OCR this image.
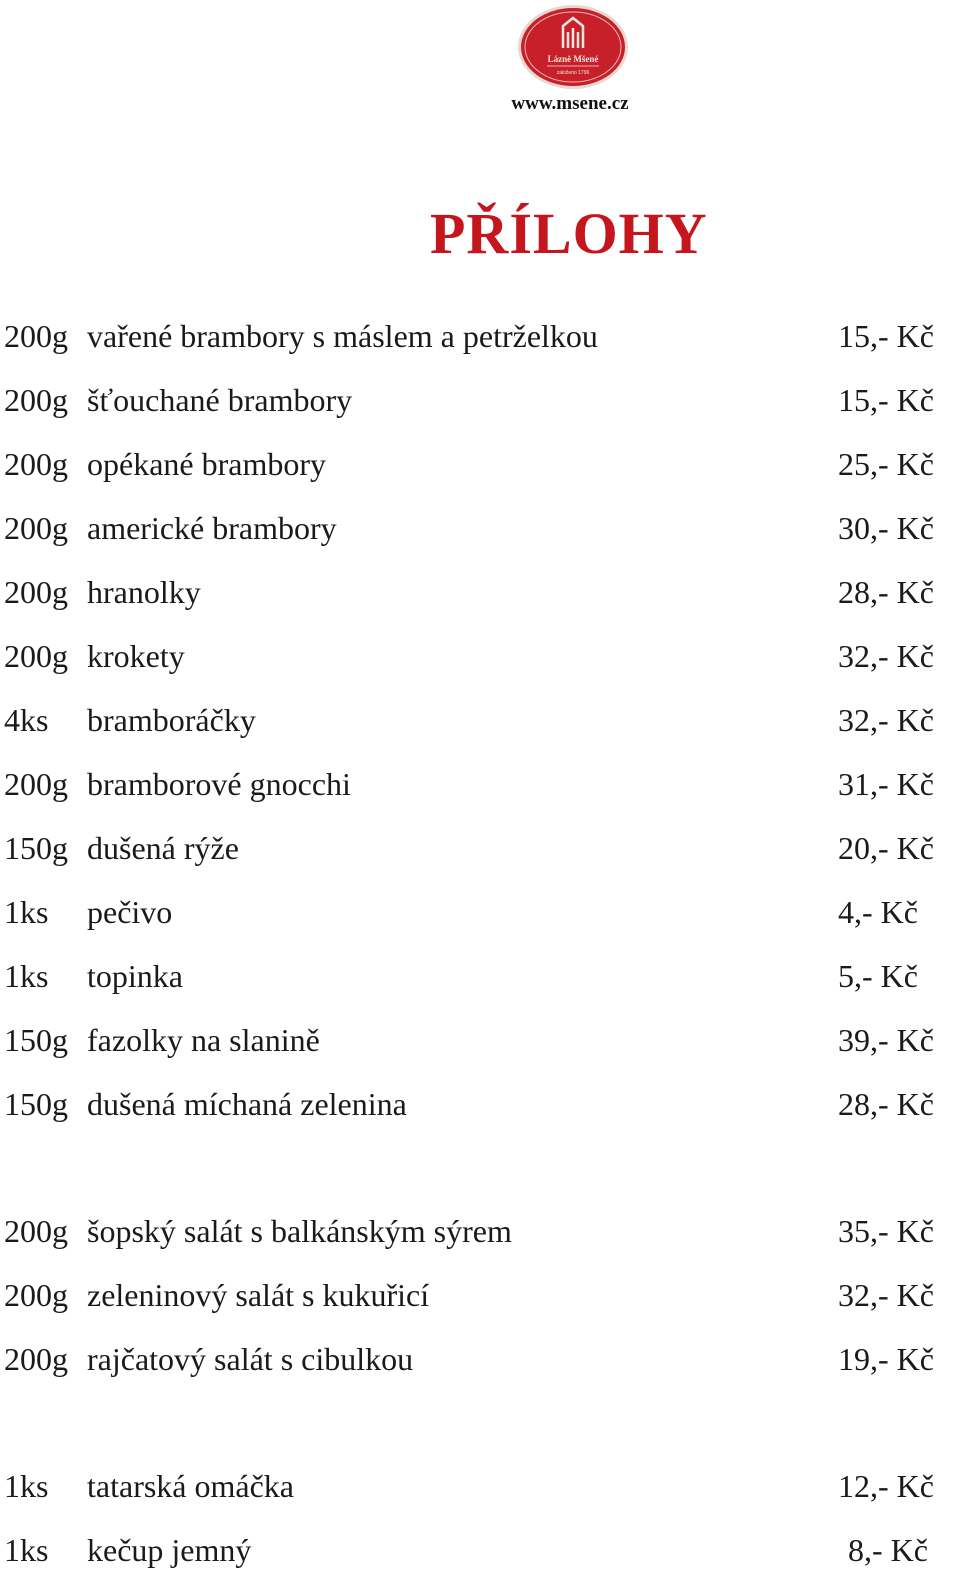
Lázně Mšené
založeno 1796
www.msene.cz
PŘÍLOHY
200g vařené brambory s máslem a petrželkou	15,- Kč
200g šťouchané brambory	15,- Kč
200g opékané brambory	25,- Kč
200g americké brambory	30,- Kč
200g hranolky	28,- Kč
200g krokety	32,- Kč
4ks bramboráčky	32,- Kč
200g bramborové gnocchi	31,- Kč
150g dušená rýže	20,- Kč
1ks pečivo	4,- Kč
1ks topinka	5,- Kč
150g fazolky na slanině	39,- Kč
150g dušená míchaná zelenina	28,- Kč
200g šopský salát s balkánským sýrem	35,- Kč
200g zeleninový salát s kukuřicí	32,- Kč
200g rajčatový salát s cibulkou	19,- Kč
1ks tatarská omáčka	12,- Kč
1ks kečup jemný	8,- Kč
